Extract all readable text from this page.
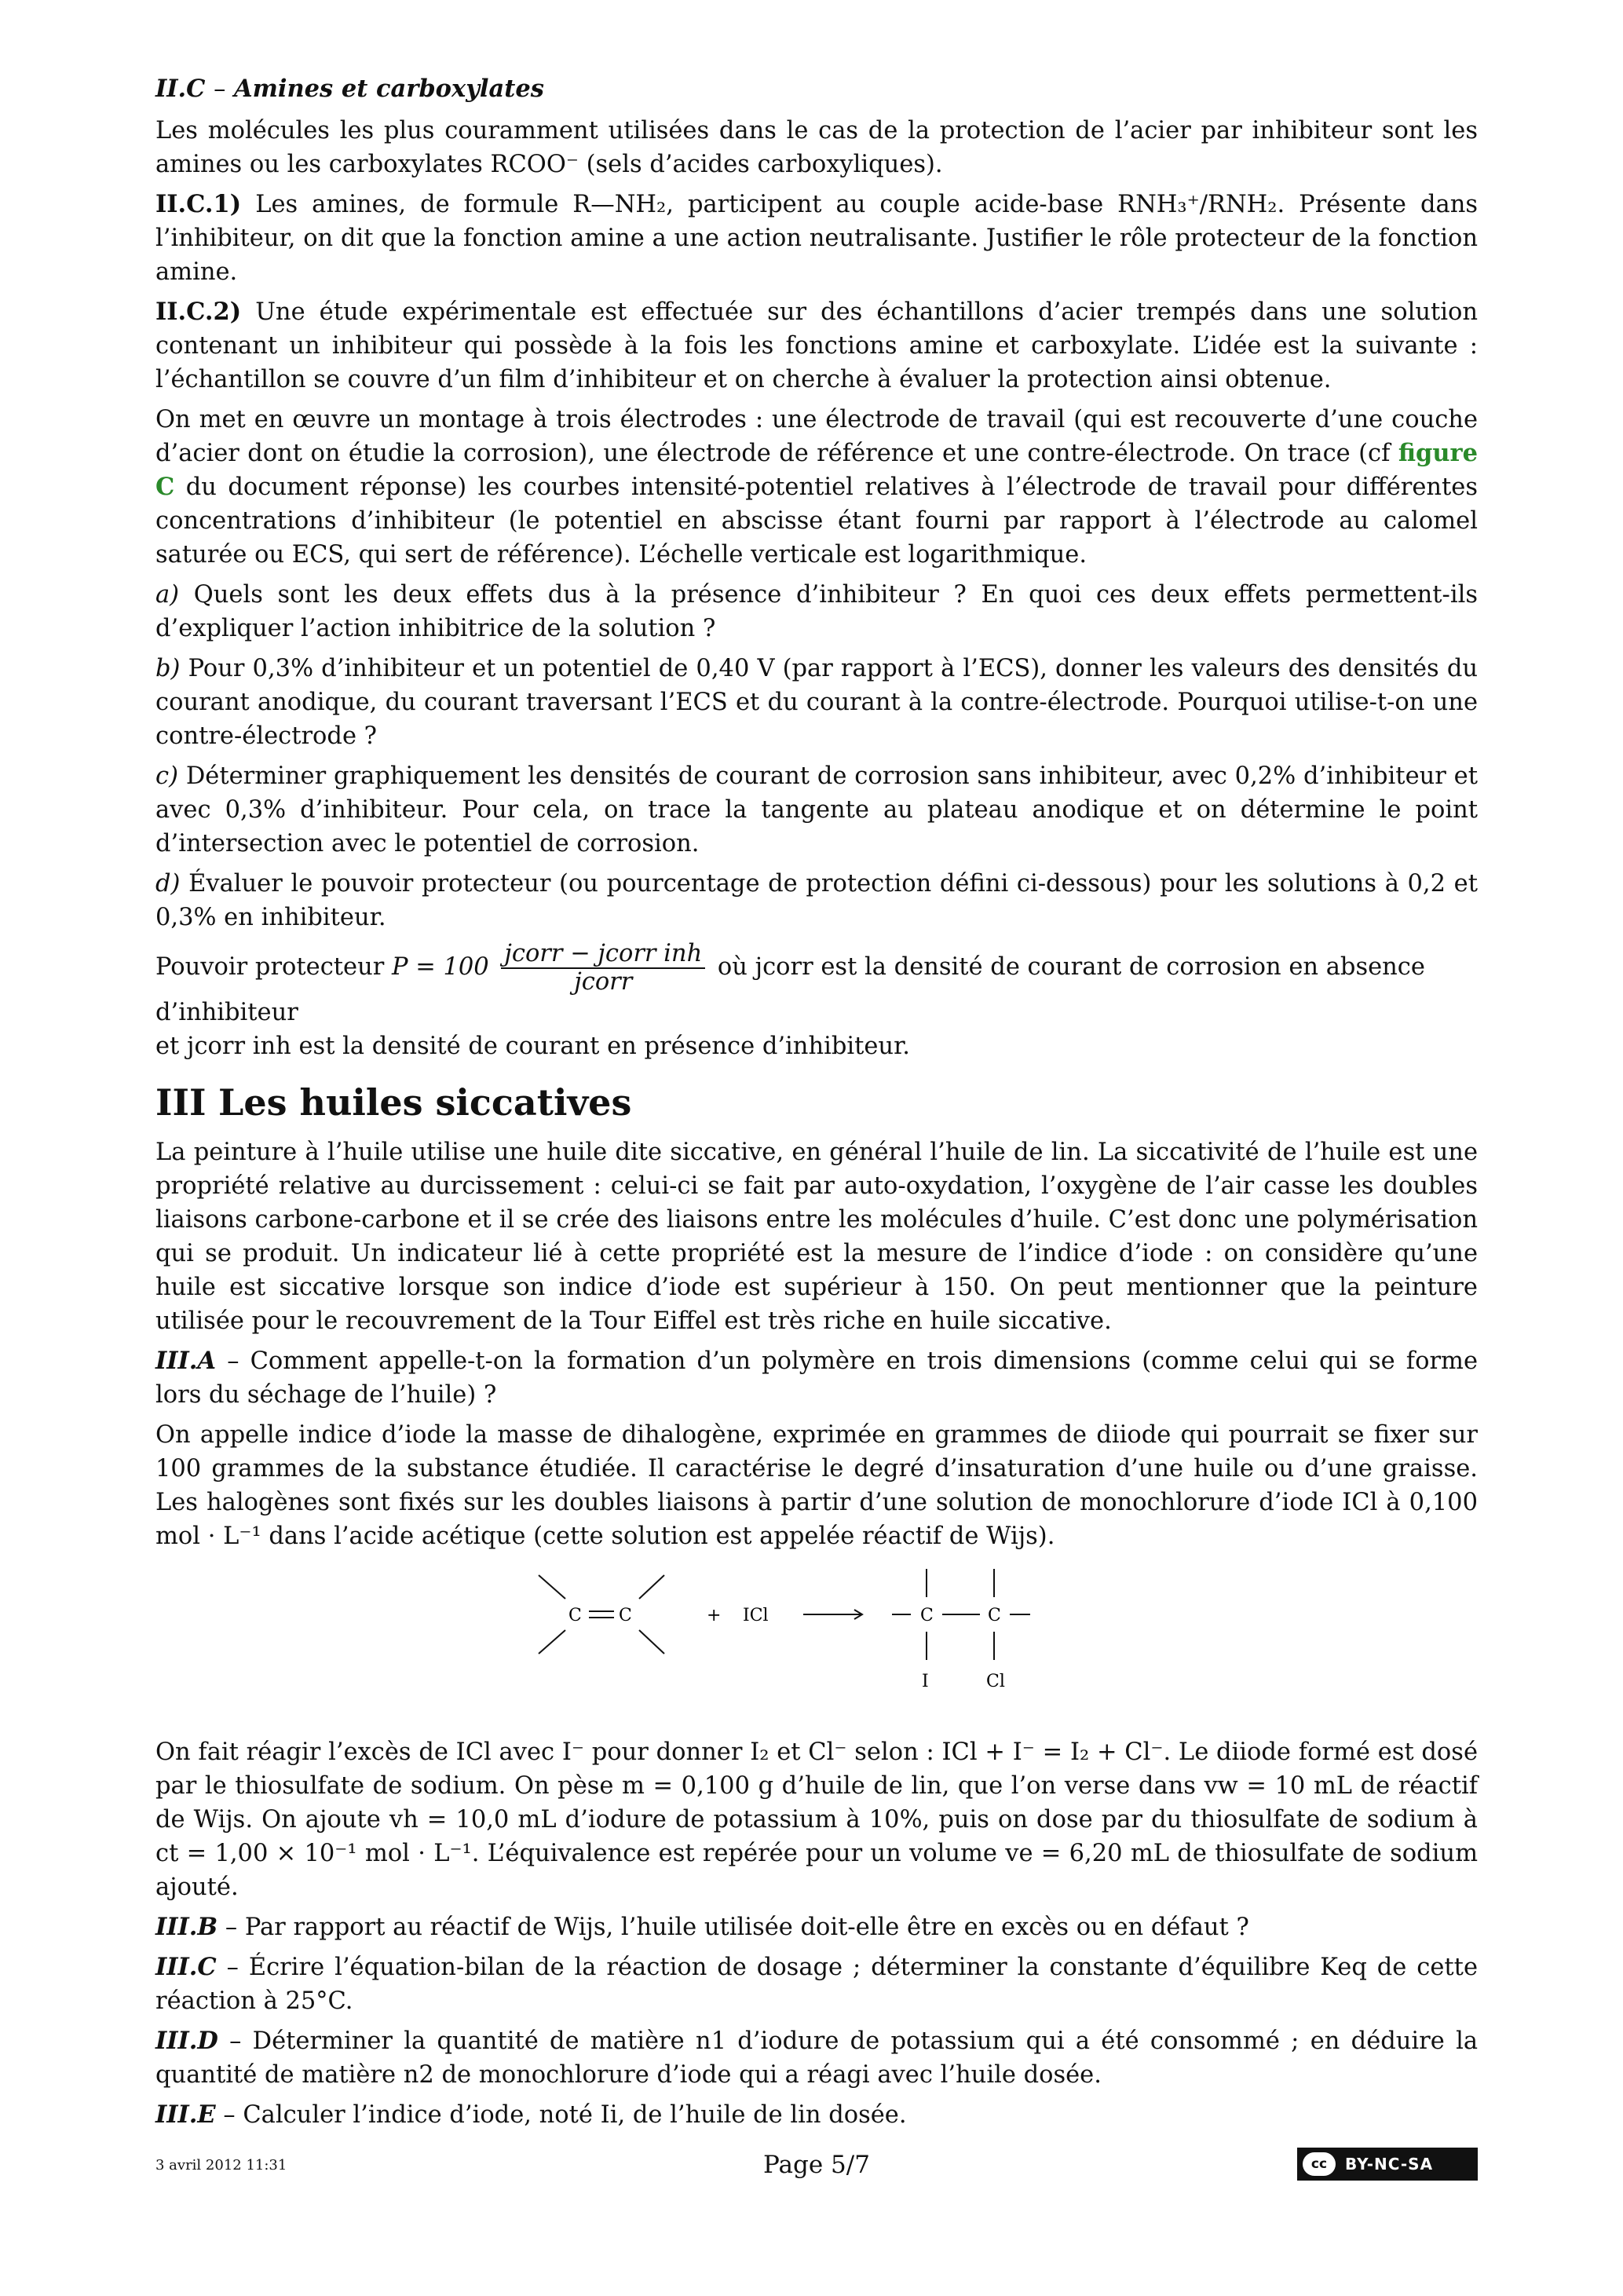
II.C – Amines et carboxylates

Les molécules les plus couramment utilisées dans le cas de la protection de l’acier par inhibiteur sont les amines ou les carboxylates RCOO⁻ (sels d’acides carboxyliques).

II.C.1) Les amines, de formule R—NH₂, participent au couple acide-base RNH₃⁺/RNH₂. Présente dans l’inhibiteur, on dit que la fonction amine a une action neutralisante. Justifier le rôle protecteur de la fonction amine.

II.C.2) Une étude expérimentale est effectuée sur des échantillons d’acier trempés dans une solution contenant un inhibiteur qui possède à la fois les fonctions amine et carboxylate. L’idée est la suivante : l’échantillon se couvre d’un film d’inhibiteur et on cherche à évaluer la protection ainsi obtenue.

On met en œuvre un montage à trois électrodes : une électrode de travail (qui est recouverte d’une couche d’acier dont on étudie la corrosion), une électrode de référence et une contre-électrode. On trace (cf figure C du document réponse) les courbes intensité-potentiel relatives à l’électrode de travail pour différentes concentrations d’inhibiteur (le potentiel en abscisse étant fourni par rapport à l’électrode au calomel saturée ou ECS, qui sert de référence). L’échelle verticale est logarithmique.

a) Quels sont les deux effets dus à la présence d’inhibiteur ? En quoi ces deux effets permettent-ils d’expliquer l’action inhibitrice de la solution ?

b) Pour 0,3% d’inhibiteur et un potentiel de 0,40 V (par rapport à l’ECS), donner les valeurs des densités du courant anodique, du courant traversant l’ECS et du courant à la contre-électrode. Pourquoi utilise-t-on une contre-électrode ?

c) Déterminer graphiquement les densités de courant de corrosion sans inhibiteur, avec 0,2% d’inhibiteur et avec 0,3% d’inhibiteur. Pour cela, on trace la tangente au plateau anodique et on détermine le point d’intersection avec le potentiel de corrosion.

d) Évaluer le pouvoir protecteur (ou pourcentage de protection défini ci-dessous) pour les solutions à 0,2 et 0,3% en inhibiteur.

Pouvoir protecteur $P = 100 \frac{\text{jcorr − jcorr inh}}{\text{jcorr}}$ où jcorr est la densité de courant de corrosion en absence d’inhibiteur
et jcorr inh est la densité de courant en présence d’inhibiteur.
III Les huiles siccatives

La peinture à l’huile utilise une huile dite siccative, en général l’huile de lin. La siccativité de l’huile est une propriété relative au durcissement : celui-ci se fait par auto-oxydation, l’oxygène de l’air casse les doubles liaisons carbone-carbone et il se crée des liaisons entre les molécules d’huile. C’est donc une polymérisation qui se produit. Un indicateur lié à cette propriété est la mesure de l’indice d’iode : on considère qu’une huile est siccative lorsque son indice d’iode est supérieur à 150. On peut mentionner que la peinture utilisée pour le recouvrement de la Tour Eiffel est très riche en huile siccative.

III.A – Comment appelle-t-on la formation d’un polymère en trois dimensions (comme celui qui se forme lors du séchage de l’huile) ?

On appelle indice d’iode la masse de dihalogène, exprimée en grammes de diiode qui pourrait se fixer sur 100 grammes de la substance étudiée. Il caractérise le degré d’insaturation d’une huile ou d’une graisse. Les halogènes sont fixés sur les doubles liaisons à partir d’une solution de monochlorure d’iode ICl à 0,100 mol · L⁻¹ dans l’acide acétique (cette solution est appelée réactif de Wijs).

C C	+ ICl	C	C
I	Cl

On fait réagir l’excès de ICl avec I⁻ pour donner I₂ et Cl⁻ selon : ICl + I⁻ = I₂ + Cl⁻. Le diiode formé est dosé par le thiosulfate de sodium. On pèse m = 0,100 g d’huile de lin, que l’on verse dans vw = 10 mL de réactif de Wijs. On ajoute vh = 10,0 mL d’iodure de potassium à 10%, puis on dose par du thiosulfate de sodium à ct = 1,00 × 10⁻¹ mol · L⁻¹. L’équivalence est repérée pour un volume ve = 6,20 mL de thiosulfate de sodium ajouté.

III.B – Par rapport au réactif de Wijs, l’huile utilisée doit-elle être en excès ou en défaut ?

III.C – Écrire l’équation-bilan de la réaction de dosage ; déterminer la constante d’équilibre Keq de cette réaction à 25°C.

III.D – Déterminer la quantité de matière n1 d’iodure de potassium qui a été consommé ; en déduire la quantité de matière n2 de monochlorure d’iode qui a réagi avec l’huile dosée.

III.E – Calculer l’indice d’iode, noté Ii, de l’huile de lin dosée.

3 avril 2012 11:31	Page 5/7	cc	BY-NC-SA
